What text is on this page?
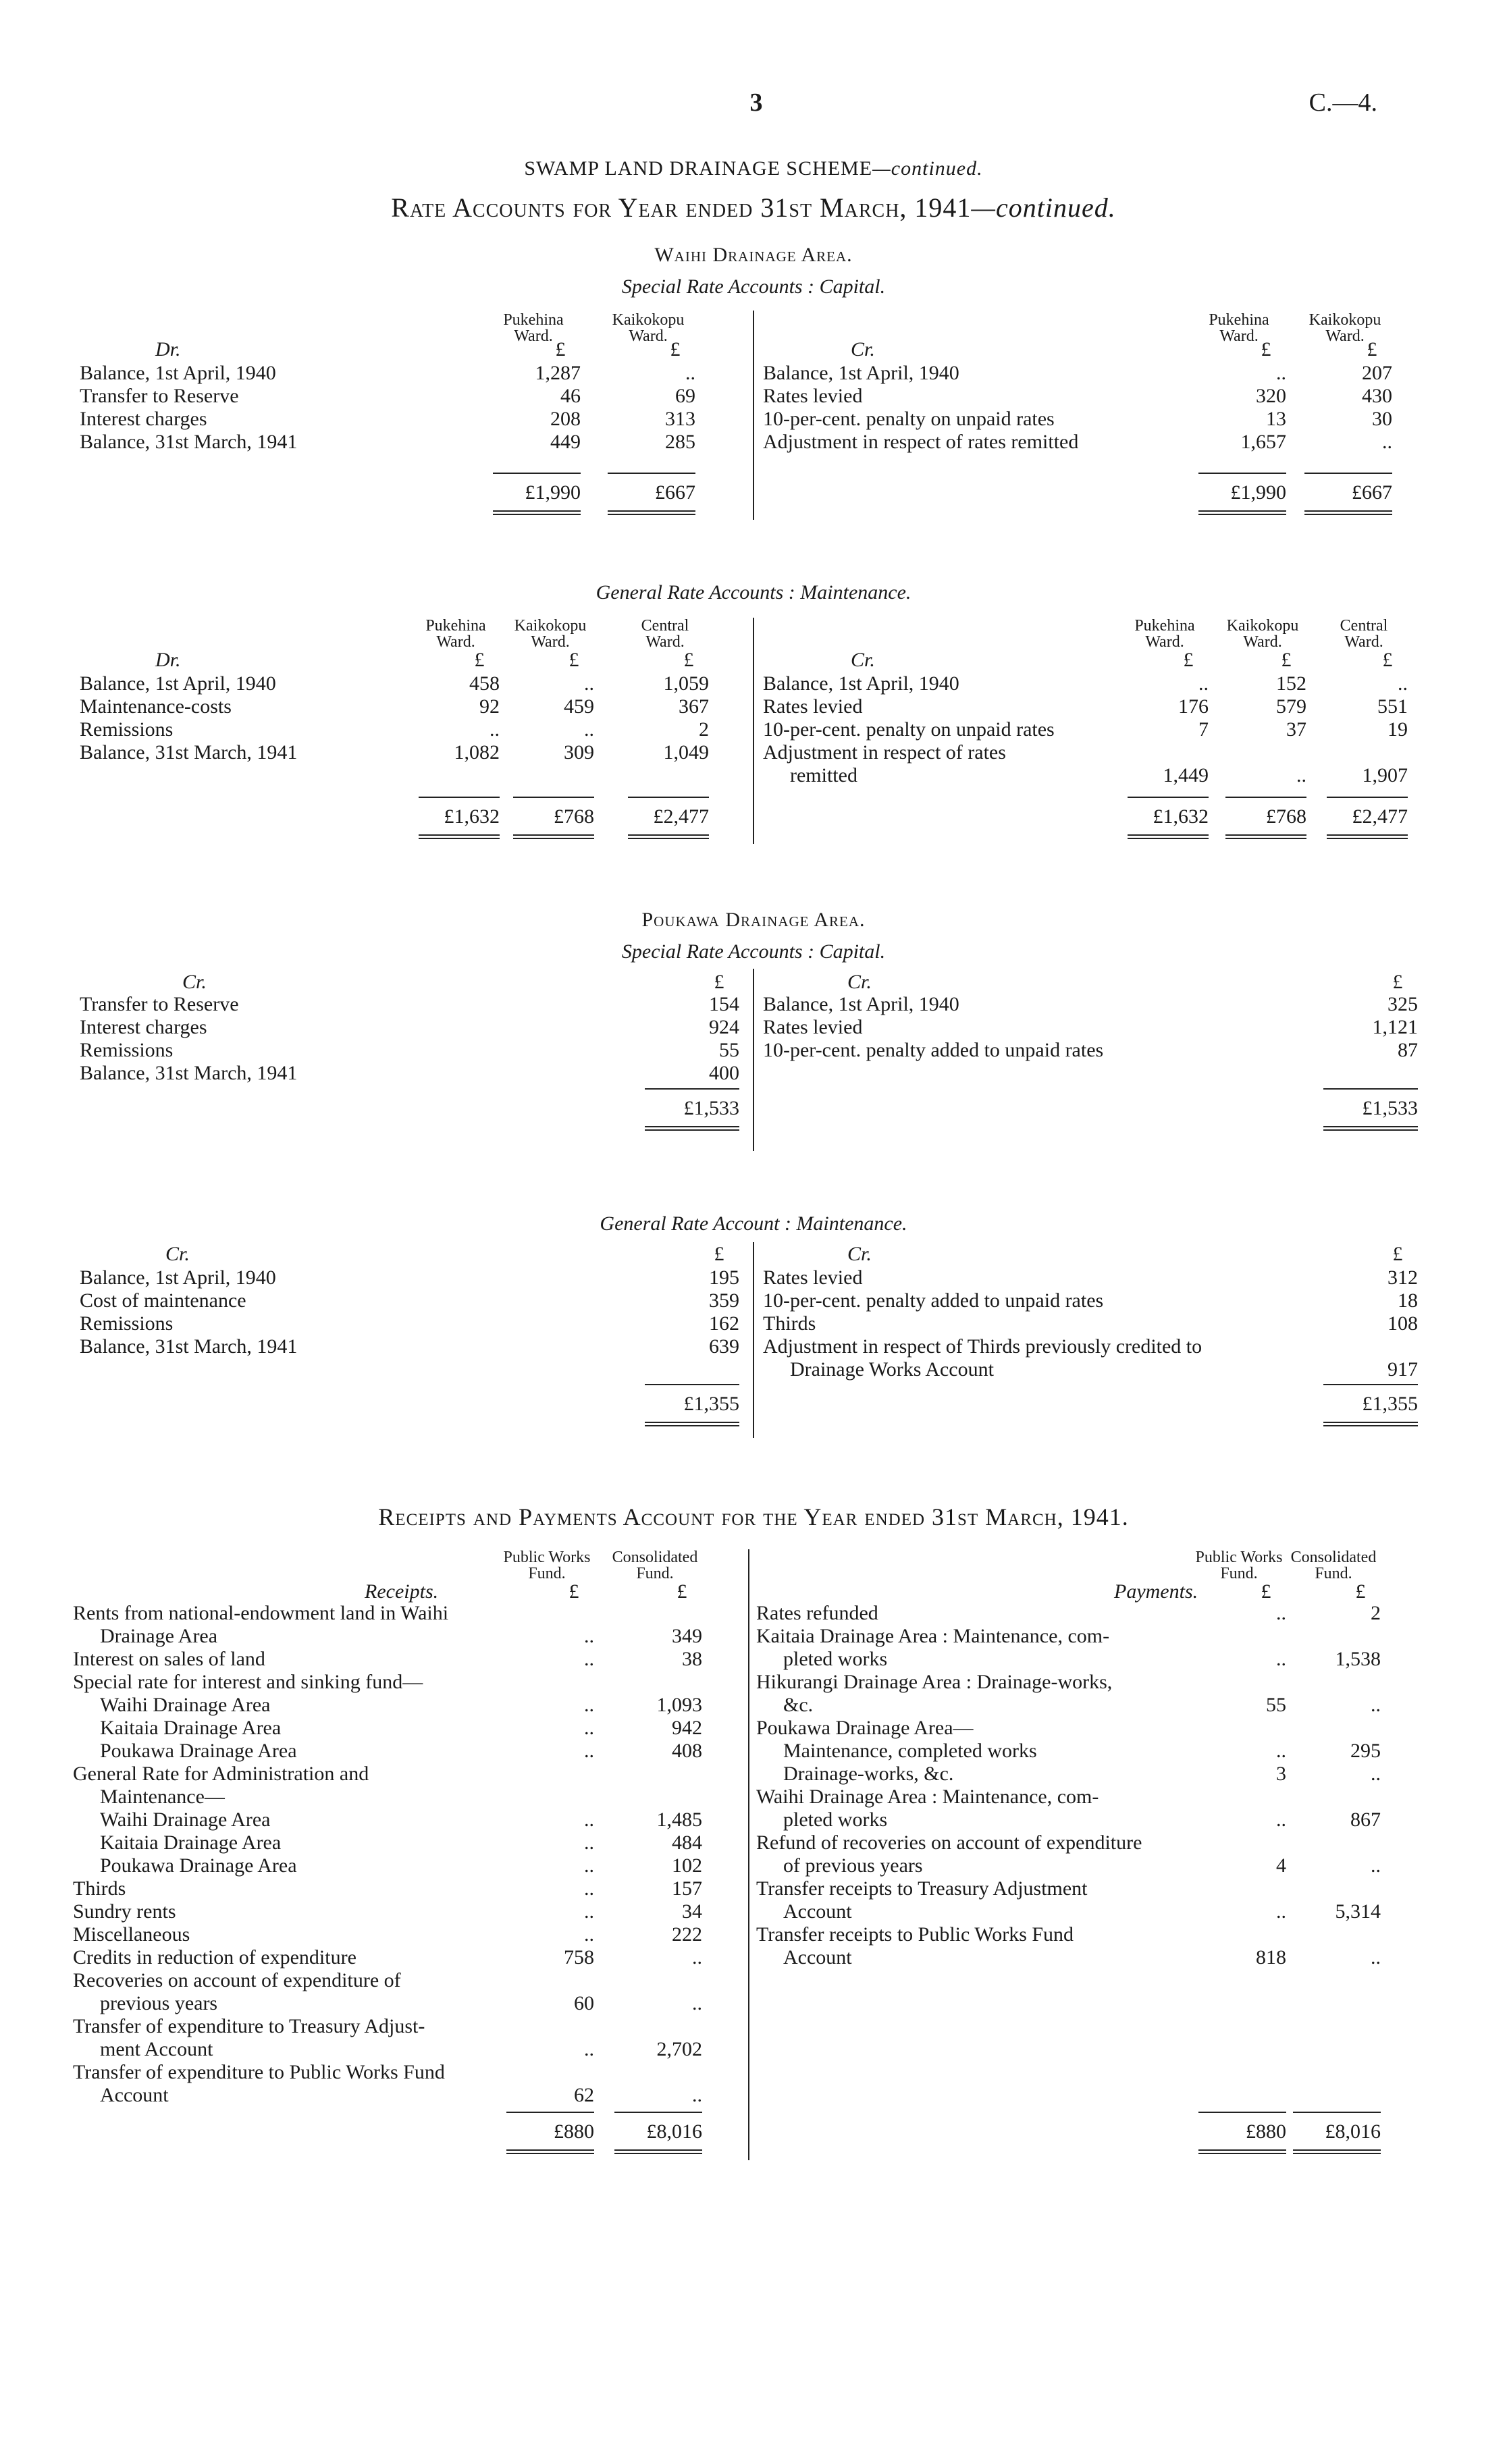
3	C.—4.
SWAMP LAND DRAINAGE SCHEME—continued.
Rate Accounts for Year ended 31st March, 1941—continued.
Waihi Drainage Area.
Special Rate Accounts : Capital.
Pukehina Ward.
Kaikokopu Ward.
Dr.	£	£
Balance, 1st April, 1940	1,287	..
Transfer to Reserve	46	69
Interest charges	208	313
Balance, 31st March, 1941	449	285
£1,990	£667
Pukehina Ward.
Kaikokopu Ward.
Cr.	£	£
Balance, 1st April, 1940	..	207
Rates levied	320	430
10-per-cent. penalty on unpaid rates	13	30
Adjustment in respect of rates remitted	1,657	..
£1,990	£667
General Rate Accounts : Maintenance.
Pukehina Ward.
Kaikokopu Ward.
Central Ward.
Dr.	£	£	£
Balance, 1st April, 1940	458	..	1,059
Maintenance-costs	92	459	367
Remissions	..	..	2
Balance, 31st March, 1941	1,082	309	1,049
£1,632	£768	£2,477
Pukehina Ward.
Kaikokopu Ward.
Central Ward.
Cr.	£	£	£
Balance, 1st April, 1940	..	152	..
Rates levied	176	579	551
10-per-cent. penalty on unpaid rates	7	37	19
Adjustment in respect of rates
remitted	1,449	..	1,907
£1,632	£768	£2,477
Poukawa Drainage Area.
Special Rate Accounts : Capital.
Cr.	£
Transfer to Reserve	154
Interest charges	924
Remissions	55
Balance, 31st March, 1941	400
£1,533
Cr.	£
Balance, 1st April, 1940	325
Rates levied	1,121
10-per-cent. penalty added to unpaid rates	87
£1,533
General Rate Account : Maintenance.
Cr.	£
Balance, 1st April, 1940	195
Cost of maintenance	359
Remissions	162
Balance, 31st March, 1941	639
£1,355
Cr.	£
Rates levied	312
10-per-cent. penalty added to unpaid rates	18
Thirds	108
Adjustment in respect of Thirds previously credited to
Drainage Works Account	917
£1,355
Receipts and Payments Account for the Year ended 31st March, 1941.
Public Works Fund.
Consolidated Fund.
Receipts.	£	£
Rents from national-endowment land in Waihi
Drainage Area	..	349
Interest on sales of land	..	38
Special rate for interest and sinking fund—
Waihi Drainage Area	..	1,093
Kaitaia Drainage Area	..	942
Poukawa Drainage Area	..	408
General Rate for Administration and
Maintenance—
Waihi Drainage Area	..	1,485
Kaitaia Drainage Area	..	484
Poukawa Drainage Area	..	102
Thirds	..	157
Sundry rents	..	34
Miscellaneous	..	222
Credits in reduction of expenditure	758	..
Recoveries on account of expenditure of
previous years	60	..
Transfer of expenditure to Treasury Adjust-
ment Account	..	2,702
Transfer of expenditure to Public Works Fund
Account	62	..
£880	£8,016
Public Works Fund.
Consolidated Fund.
Payments.	£	£
Rates refunded	..	2
Kaitaia Drainage Area : Maintenance, com-
pleted works	..	1,538
Hikurangi Drainage Area : Drainage-works,
&c.	55	..
Poukawa Drainage Area—
Maintenance, completed works	..	295
Drainage-works, &c.	3	..
Waihi Drainage Area : Maintenance, com-
pleted works	..	867
Refund of recoveries on account of expenditure
of previous years	4	..
Transfer receipts to Treasury Adjustment
Account	..	5,314
Transfer receipts to Public Works Fund
Account	818	..
£880	£8,016
